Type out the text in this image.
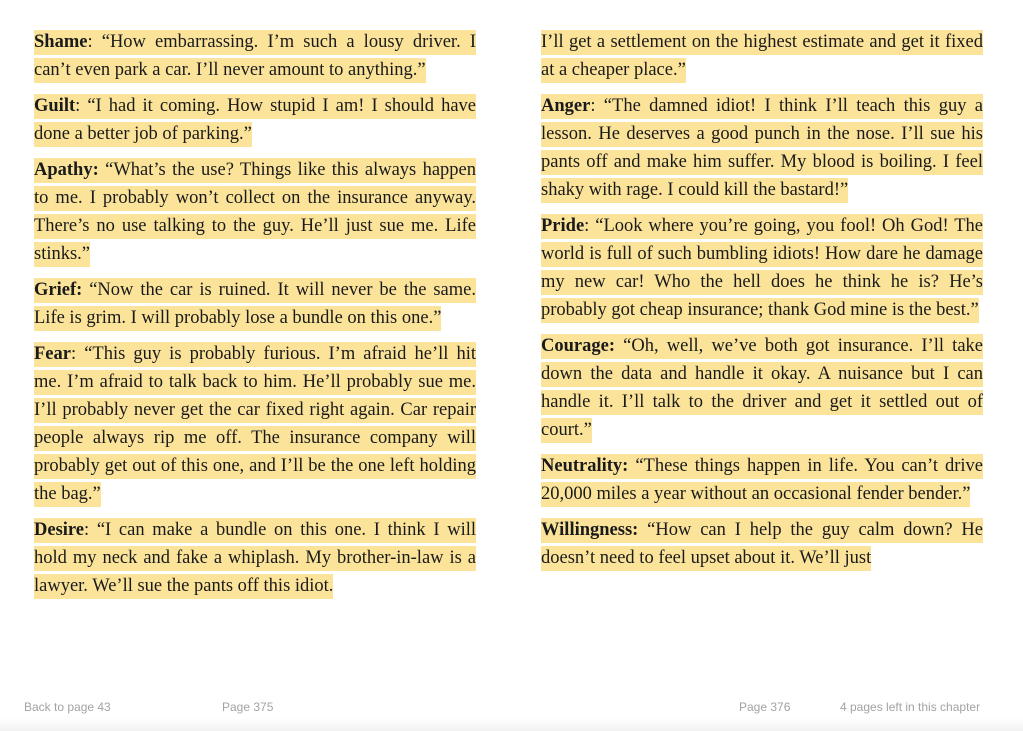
Shame: “How embarrassing. I’m such a lousy driver. I can’t even park a car. I’ll never amount to anything.”

Guilt: “I had it coming. How stupid I am! I should have done a better job of parking.”

Apathy: “What’s the use? Things like this always happen to me. I probably won’t collect on the insurance anyway. There’s no use talking to the guy. He’ll just sue me. Life stinks.”

Grief: “Now the car is ruined. It will never be the same. Life is grim. I will probably lose a bundle on this one.”

Fear: “This guy is probably furious. I’m afraid he’ll hit me. I’m afraid to talk back to him. He’ll probably sue me. I’ll probably never get the car fixed right again. Car repair people always rip me off. The insurance company will probably get out of this one, and I’ll be the one left holding the bag.”

Desire: “I can make a bundle on this one. I think I will hold my neck and fake a whiplash. My brother-in-law is a lawyer. We’ll sue the pants off this idiot.

I’ll get a settlement on the highest estimate and get it fixed at a cheaper place.”

Anger: “The damned idiot! I think I’ll teach this guy a lesson. He deserves a good punch in the nose. I’ll sue his pants off and make him suffer. My blood is boiling. I feel shaky with rage. I could kill the bastard!”

Pride: “Look where you’re going, you fool! Oh God! The world is full of such bumbling idiots! How dare he damage my new car! Who the hell does he think he is? He’s probably got cheap insurance; thank God mine is the best.”

Courage: “Oh, well, we’ve both got insurance. I’ll take down the data and handle it okay. A nuisance but I can handle it. I’ll talk to the driver and get it settled out of court.”

Neutrality: “These things happen in life. You can’t drive 20,000 miles a year without an occasional fender bender.”

Willingness: “How can I help the guy calm down? He doesn’t need to feel upset about it. We’ll just

Back to page 43	Page 375	Page 376	4 pages left in this chapter
